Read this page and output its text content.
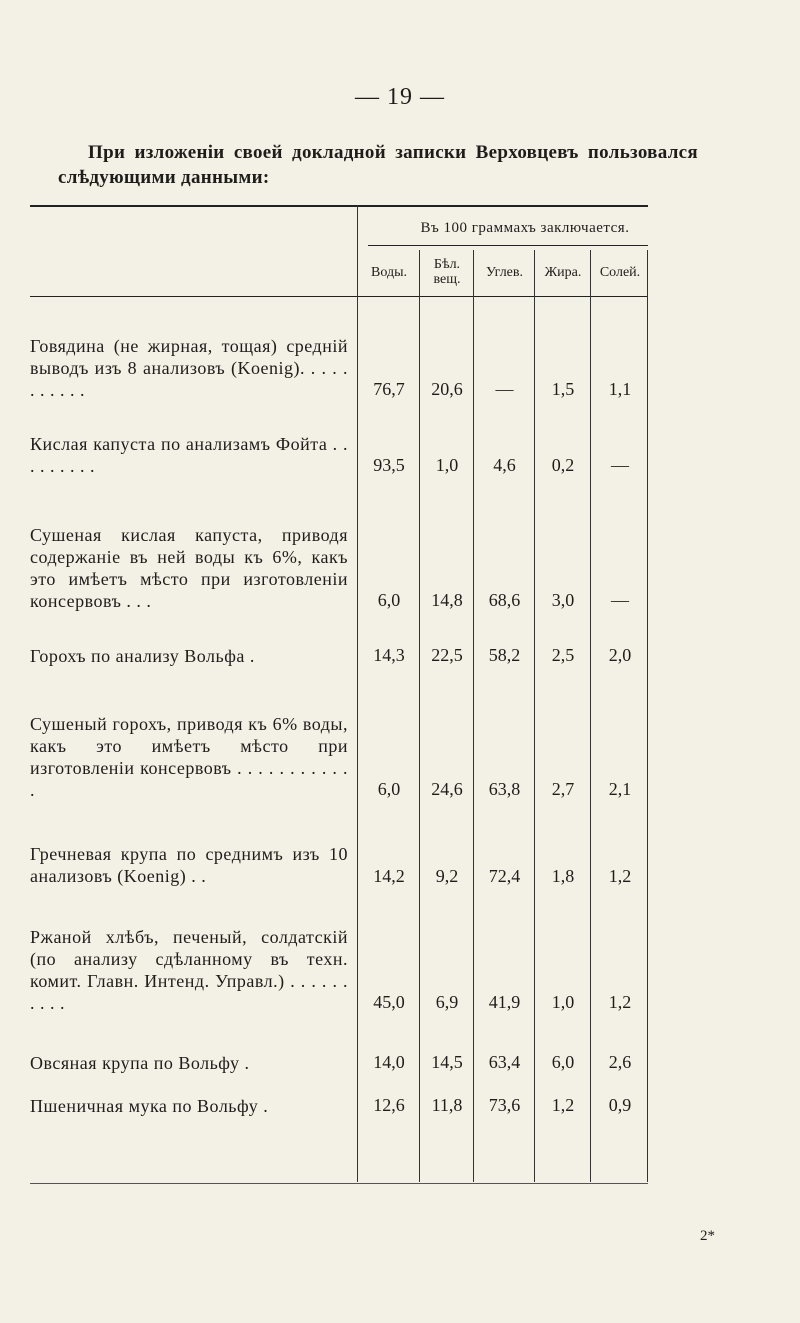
— 19 —
При изложеніи своей докладной записки Верховцевъ пользовался слѣдующими данными:
Въ 100 граммахъ заключается.
Воды.	Бѣл. вещ.	Углев.	Жира.	Солей.
Говядина (не жирная, тощая) средній выводъ изъ 8 анализовъ (Koenig). . . . . . . . . . .	76,7	20,6	—	1,5	1,1
Кислая капуста по анализамъ Фойта . . . . . . . . .	93,5	1,0	4,6	0,2	—
Сушеная кислая капуста, приводя содержаніе въ ней воды къ 6%, какъ это имѣетъ мѣсто при изготовленіи консервовъ . . .	6,0	14,8	68,6	3,0	—
Горохъ по анализу Вольфа .	14,3	22,5	58,2	2,5	2,0
Сушеный горохъ, приводя къ 6% воды, какъ это имѣетъ мѣсто при изготовленіи консервовъ . . . . . . . . . . . .	6,0	24,6	63,8	2,7	2,1
Гречневая крупа по среднимъ изъ 10 анализовъ (Koenig) . .	14,2	9,2	72,4	1,8	1,2
Ржаной хлѣбъ, печеный, солдатскій (по анализу сдѣланному въ техн. комит. Главн. Интенд. Управл.) . . . . . . . . . .	45,0	6,9	41,9	1,0	1,2
Овсяная крупа по Вольфу .	14,0	14,5	63,4	6,0	2,6
Пшеничная мука по Вольфу .	12,6	11,8	73,6	1,2	0,9
2*
